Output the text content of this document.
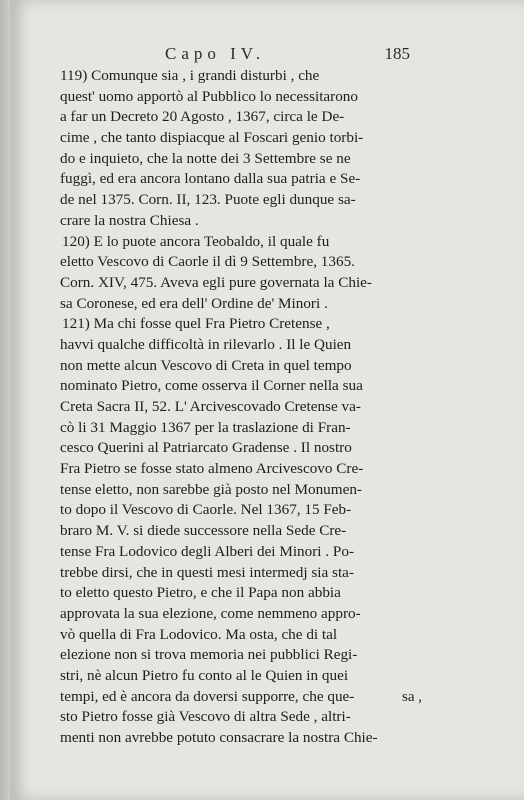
Capo IV.	185
119) Comunque sia , i grandi disturbi , che
quest' uomo apportò al Pubblico lo necessitarono
a far un Decreto 20 Agosto , 1367, circa le De-
cime , che tanto dispiacque al Foscari genio torbi-
do e inquieto, che la notte dei 3 Settembre se ne
fuggì, ed era ancora lontano dalla sua patria e Se-
de nel 1375. Corn. II, 123. Puote egli dunque sa-
crare la nostra Chiesa .
120) E lo puote ancora Teobaldo, il quale fu
eletto Vescovo di Caorle il dì 9 Settembre, 1365.
Corn. XIV, 475. Aveva egli pure governata la Chie-
sa Coronese, ed era dell' Ordine de' Minori .
121) Ma chi fosse quel Fra Pietro Cretense ,
havvi qualche difficoltà in rilevarlo . Il le Quien
non mette alcun Vescovo di Creta in quel tempo
nominato Pietro, come osserva il Corner nella sua
Creta Sacra II, 52. L' Arcivescovado Cretense va-
cò li 31 Maggio 1367 per la traslazione di Fran-
cesco Querini al Patriarcato Gradense . Il nostro
Fra Pietro se fosse stato almeno Arcivescovo Cre-
tense eletto, non sarebbe già posto nel Monumen-
to dopo il Vescovo di Caorle. Nel 1367, 15 Feb-
braro M. V. si diede successore nella Sede Cre-
tense Fra Lodovico degli Alberi dei Minori . Po-
trebbe dirsi, che in questi mesi intermedj sia sta-
to eletto questo Pietro, e che il Papa non abbia
approvata la sua elezione, come nemmeno appro-
vò quella di Fra Lodovico. Ma osta, che di tal
elezione non si trova memoria nei pubblici Regi-
stri, nè alcun Pietro fu conto al le Quien in quei
tempi, ed è ancora da doversi supporre, che que-
sto Pietro fosse già Vescovo di altra Sede , altri-
menti non avrebbe potuto consacrare la nostra Chie-
sa ,
